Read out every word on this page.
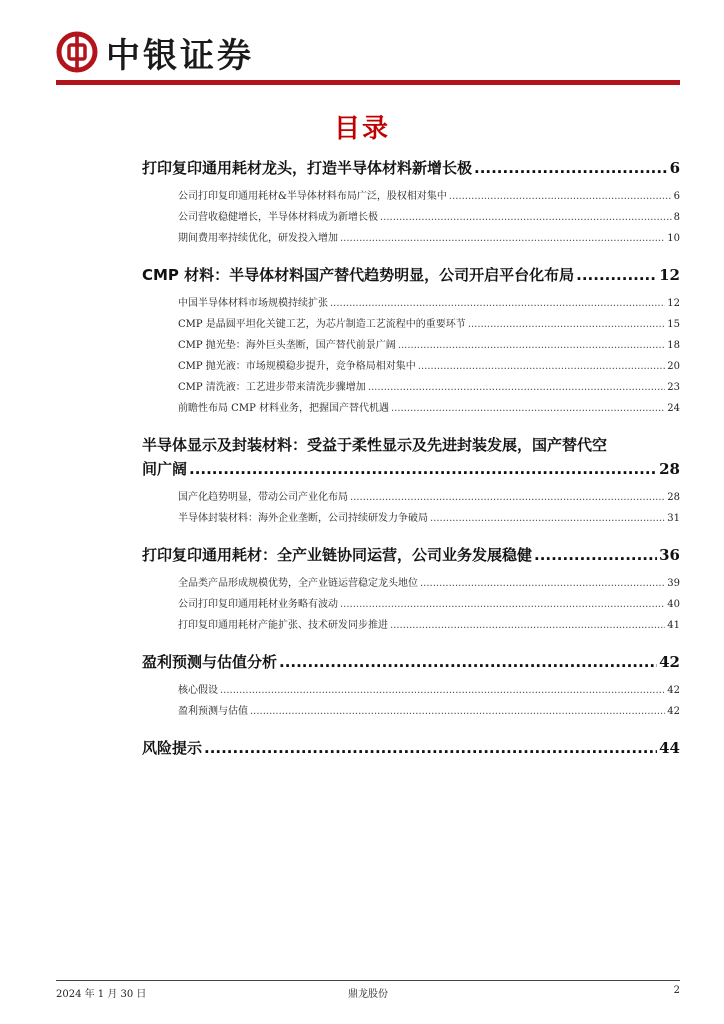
中银证券
目录
打印复印通用耗材龙头，打造半导体材料新增长极 .....	6
公司打印复印通用耗材&半导体材料布局广泛，股权相对集中 .....	6
公司营收稳健增长，半导体材料成为新增长极 .....	8
期间费用率持续优化，研发投入增加 .....	10
CMP 材料：半导体材料国产替代趋势明显，公司开启平台化布局 .....	12
中国半导体材料市场规模持续扩张 .....	12
CMP 是晶圆平坦化关键工艺，为芯片制造工艺流程中的重要环节 .....	15
CMP 抛光垫：海外巨头垄断，国产替代前景广阔 .....	18
CMP 抛光液：市场规模稳步提升，竞争格局相对集中 .....	20
CMP 清洗液：工艺进步带来清洗步骤增加 .....	23
前瞻性布局 CMP 材料业务，把握国产替代机遇 .....	24
半导体显示及封装材料：受益于柔性显示及先进封装发展，国产替代空
间广阔 .....	28
国产化趋势明显，带动公司产业化布局 .....	28
半导体封装材料：海外企业垄断，公司持续研发力争破局 .....	31
打印复印通用耗材：全产业链协同运营，公司业务发展稳健 .....	36
全品类产品形成规模优势，全产业链运营稳定龙头地位 .....	39
公司打印复印通用耗材业务略有波动 .....	40
打印复印通用耗材产能扩张、技术研发同步推进 .....	41
盈利预测与估值分析 .....	42
核心假设 .....	42
盈利预测与估值 .....	42
风险提示 .....	44
2024 年 1 月 30 日	鼎龙股份	2
